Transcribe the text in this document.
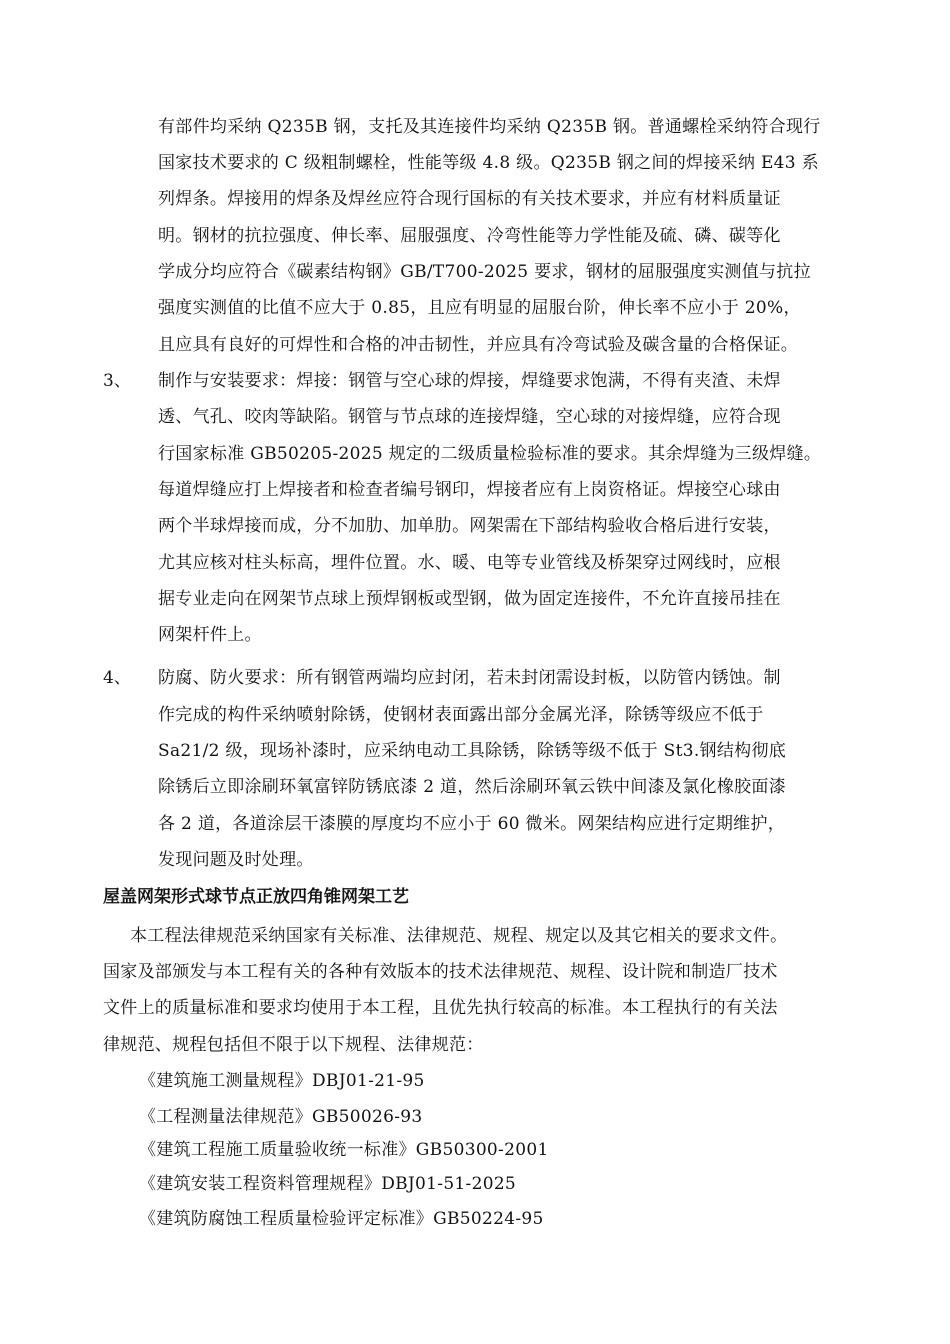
有部件均采纳 Q235B 钢，支托及其连接件均采纳 Q235B 钢。普通螺栓采纳符合现行
国家技术要求的 C 级粗制螺栓，性能等级 4.8 级。Q235B 钢之间的焊接采纳 E43 系
列焊条。焊接用的焊条及焊丝应符合现行国标的有关技术要求，并应有材料质量证
明。钢材的抗拉强度、伸长率、屈服强度、冷弯性能等力学性能及硫、磷、碳等化
学成分均应符合《碳素结构钢》GB/T700-2025 要求，钢材的屈服强度实测值与抗拉
强度实测值的比值不应大于 0.85，且应有明显的屈服台阶，伸长率不应小于 20%，
且应具有良好的可焊性和合格的冲击韧性，并应具有冷弯试验及碳含量的合格保证。
3、 制作与安装要求：焊接：钢管与空心球的焊接，焊缝要求饱满，不得有夹渣、未焊
透、气孔、咬肉等缺陷。钢管与节点球的连接焊缝，空心球的对接焊缝，应符合现
行国家标准 GB50205-2025 规定的二级质量检验标准的要求。其余焊缝为三级焊缝。
每道焊缝应打上焊接者和检查者编号钢印，焊接者应有上岗资格证。焊接空心球由
两个半球焊接而成，分不加肋、加单肋。网架需在下部结构验收合格后进行安装，
尤其应核对柱头标高，埋件位置。水、暖、电等专业管线及桥架穿过网线时，应根
据专业走向在网架节点球上预焊钢板或型钢，做为固定连接件，不允许直接吊挂在
网架杆件上。
4、 防腐、防火要求：所有钢管两端均应封闭，若未封闭需设封板，以防管内锈蚀。制
作完成的构件采纳喷射除锈，使钢材表面露出部分金属光泽，除锈等级应不低于
Sa21/2 级，现场补漆时，应采纳电动工具除锈，除锈等级不低于 St3.钢结构彻底
除锈后立即涂刷环氧富锌防锈底漆 2 道，然后涂刷环氧云铁中间漆及氯化橡胶面漆
各 2 道，各道涂层干漆膜的厚度均不应小于 60 微米。网架结构应进行定期维护，
发现问题及时处理。
屋盖网架形式球节点正放四角锥网架工艺
本工程法律规范采纳国家有关标准、法律规范、规程、规定以及其它相关的要求文件。
国家及部颁发与本工程有关的各种有效版本的技术法律规范、规程、设计院和制造厂技术
文件上的质量标准和要求均使用于本工程，且优先执行较高的标准。本工程执行的有关法
律规范、规程包括但不限于以下规程、法律规范：
《建筑施工测量规程》DBJ01-21-95
《工程测量法律规范》GB50026-93
《建筑工程施工质量验收统一标准》GB50300-2001
《建筑安装工程资料管理规程》DBJ01-51-2025
《建筑防腐蚀工程质量检验评定标准》GB50224-95
